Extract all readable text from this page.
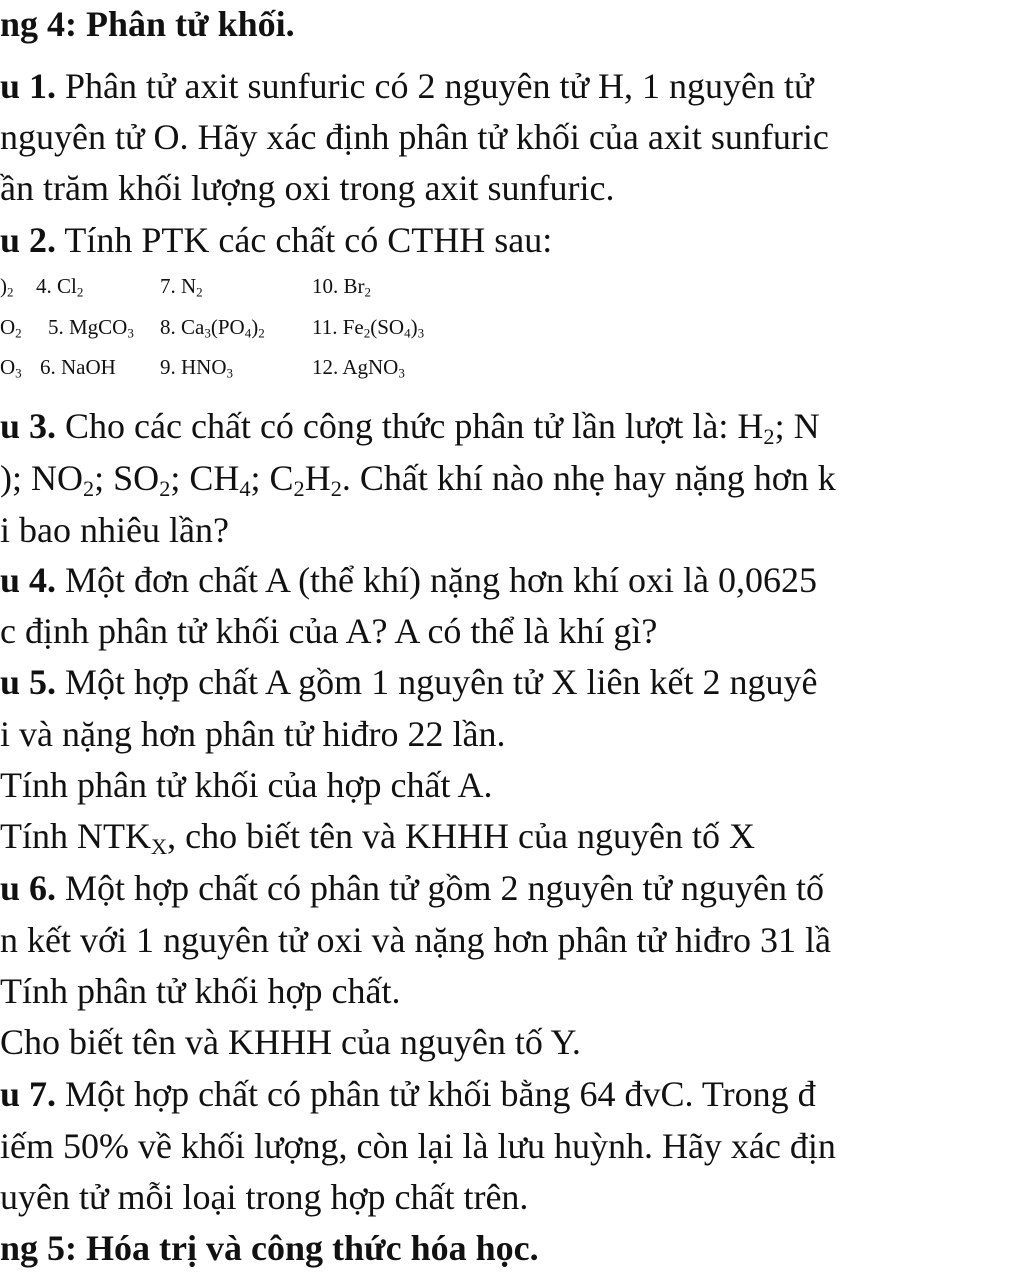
ng 4: Phân tử khối.
u 1. Phân tử axit sunfuric có 2 nguyên tử H, 1 nguyên tử
nguyên tử O. Hãy xác định phân tử khối của axit sunfuric
ần trăm khối lượng oxi trong axit sunfuric.
u 2. Tính PTK các chất có CTHH sau:
)$_2$ 4. $Cl_2$	7. $N_2$	10. $Br_2$
$O_2$ 5. MgCO$_3$ 8. $Ca_3(PO_4)_2$ 11. $Fe_2(SO_4)_3$
$O_3$ 6. NaOH 9. $HNO_3$	12. AgNO$_3$
u 3. Cho các chất có công thức phân tử lần lượt là: $H_2$; N
); $NO_2$; $SO_2$; $CH_4$; $C_2H_2$. Chất khí nào nhẹ hay nặng hơn k
i bao nhiêu lần?
u 4. Một đơn chất A (thể khí) nặng hơn khí oxi là 0,0625
c định phân tử khối của A? A có thể là khí gì?
u 5. Một hợp chất A gồm 1 nguyên tử X liên kết 2 nguyê
i và nặng hơn phân tử hiđro 22 lần.
Tính phân tử khối của hợp chất A.
Tính $NTK_X$, cho biết tên và KHHH của nguyên tố X
u 6. Một hợp chất có phân tử gồm 2 nguyên tử nguyên tố
n kết với 1 nguyên tử oxi và nặng hơn phân tử hiđro 31 lầ
Tính phân tử khối hợp chất.
Cho biết tên và KHHH của nguyên tố Y.
u 7. Một hợp chất có phân tử khối bằng 64 đvC. Trong đ
iếm 50% về khối lượng, còn lại là lưu huỳnh. Hãy xác địn
uyên tử mỗi loại trong hợp chất trên.
ng 5: Hóa trị và công thức hóa học.
